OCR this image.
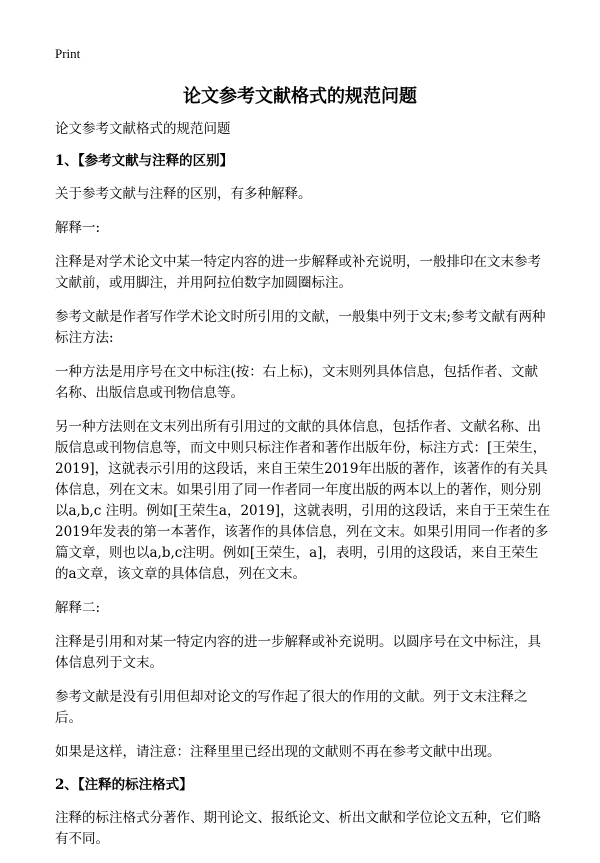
Print
论文参考文献格式的规范问题

论文参考文献格式的规范问题

1、【参考文献与注释的区别】

关于参考文献与注释的区别，有多种解释。

解释一:

注释是对学术论文中某一特定内容的进一步解释或补充说明，一般排印在文末参考文献前，或用脚注，并用阿拉伯数字加圆圈标注。

参考文献是作者写作学术论文时所引用的文献，一般集中列于文末;参考文献有两种标注方法:

一种方法是用序号在文中标注(按：右上标)，文末则列具体信息，包括作者、文献名称、出版信息或刊物信息等。

另一种方法则在文末列出所有引用过的文献的具体信息，包括作者、文献名称、出版信息或刊物信息等，而文中则只标注作者和著作出版年份，标注方式：[王荣生，2019]，这就表示引用的这段话，来自王荣生2019年出版的著作，该著作的有关具体信息，列在文末。如果引用了同一作者同一年度出版的两本以上的著作，则分别以a,b,c 注明。例如[王荣生a，2019]，这就表明，引用的这段话，来自于王荣生在2019年发表的第一本著作，该著作的具体信息，列在文末。如果引用同一作者的多篇文章，则也以a,b,c注明。例如[王荣生，a]，表明，引用的这段话，来自王荣生的a文章，该文章的具体信息，列在文末。

解释二:

注释是引用和对某一特定内容的进一步解释或补充说明。以圆序号在文中标注，具体信息列于文末。

参考文献是没有引用但却对论文的写作起了很大的作用的文献。列于文末注释之后。

如果是这样，请注意：注释里里已经出现的文献则不再在参考文献中出现。

2、【注释的标注格式】

注释的标注格式分著作、期刊论文、报纸论文、析出文献和学位论文五种，它们略有不同。
